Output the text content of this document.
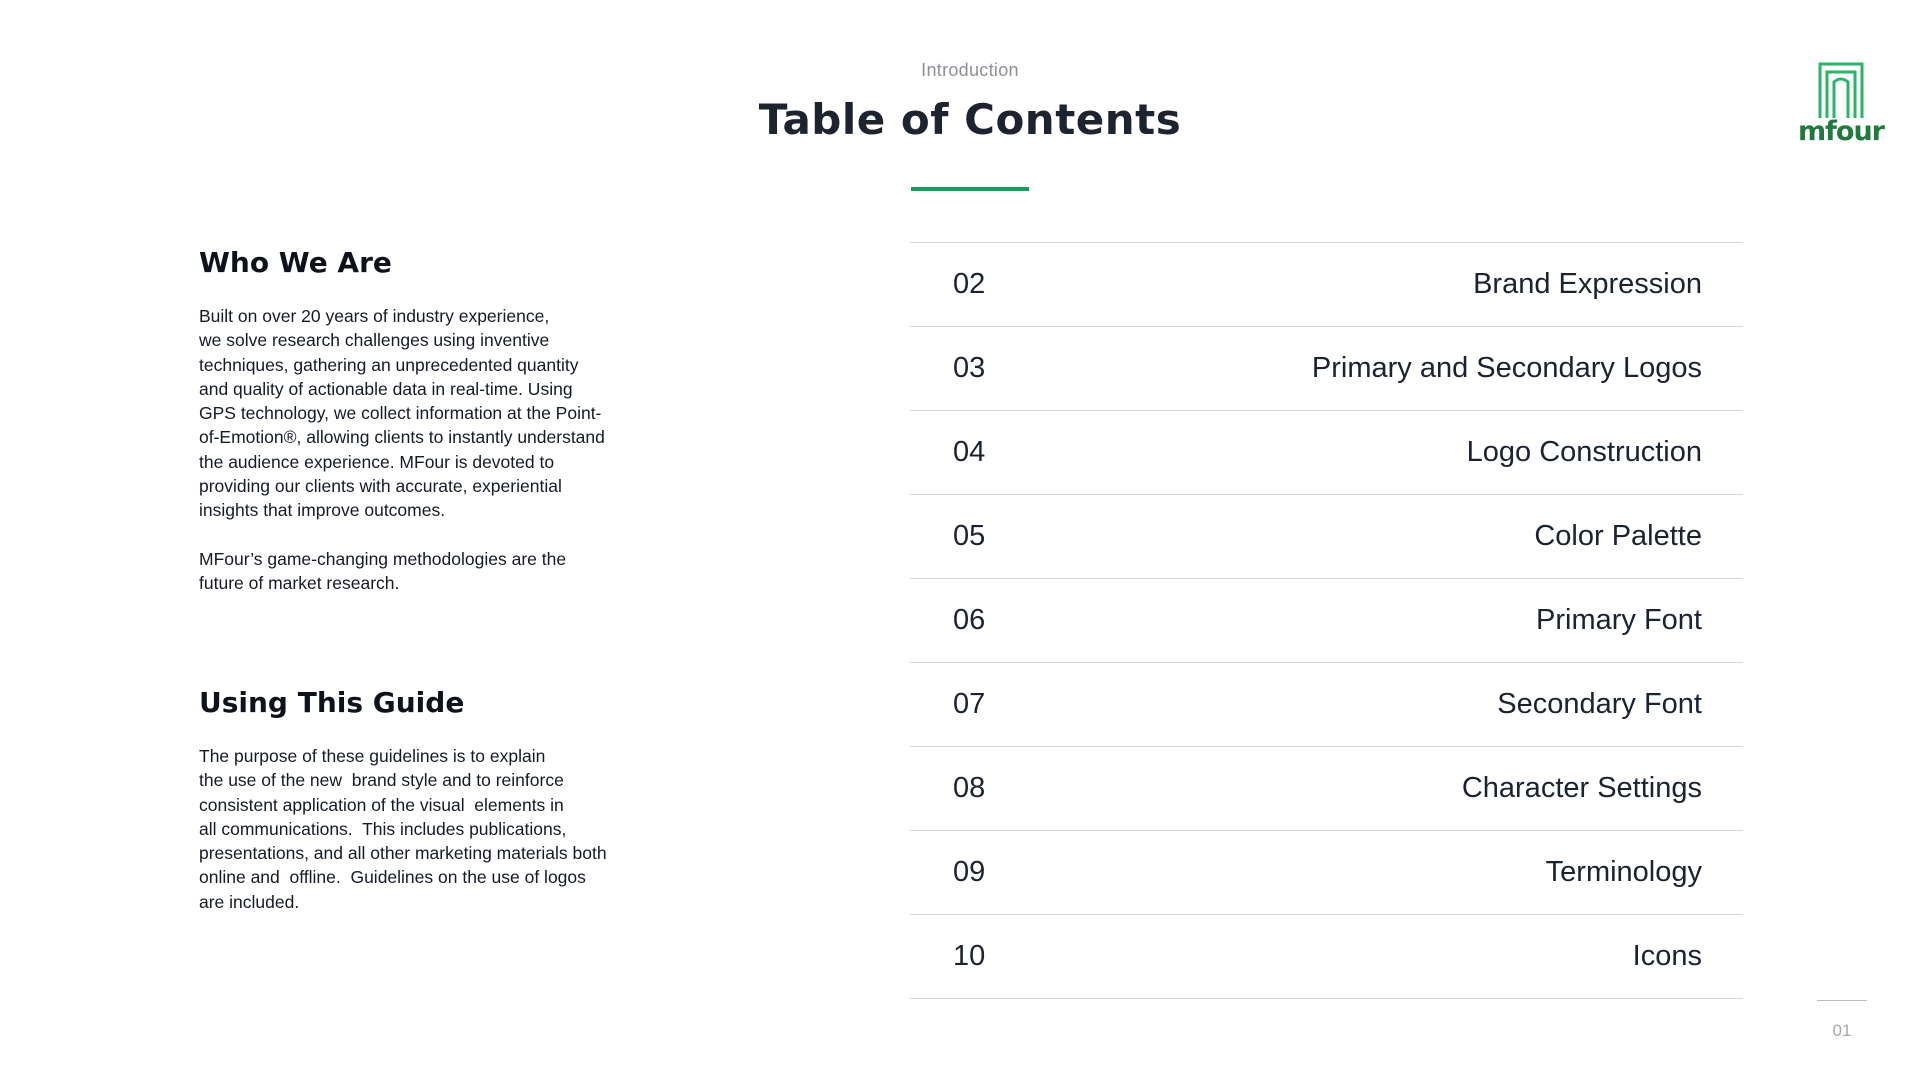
Introduction
Table of Contents	mfour
Who We Are

Built on over 20 years of industry experience,
we solve research challenges using inventive
techniques, gathering an unprecedented quantity
and quality of actionable data in real-time. Using
GPS technology, we collect information at the Point-
of-Emotion®, allowing clients to instantly understand
the audience experience. MFour is devoted to
providing our clients with accurate, experiential
insights that improve outcomes.

MFour’s game-changing methodologies are the
future of market research.

Using This Guide

The purpose of these guidelines is to explain
the use of the new  brand style and to reinforce
consistent application of the visual  elements in
all communications.  This includes publications,
presentations, and all other marketing materials both
online and  offline.  Guidelines on the use of logos
are included.

02	Brand Expression
03	Primary and Secondary Logos
04	Logo Construction
05	Color Palette
06	Primary Font
07	Secondary Font
08	Character Settings
09	Terminology
10	Icons
01
